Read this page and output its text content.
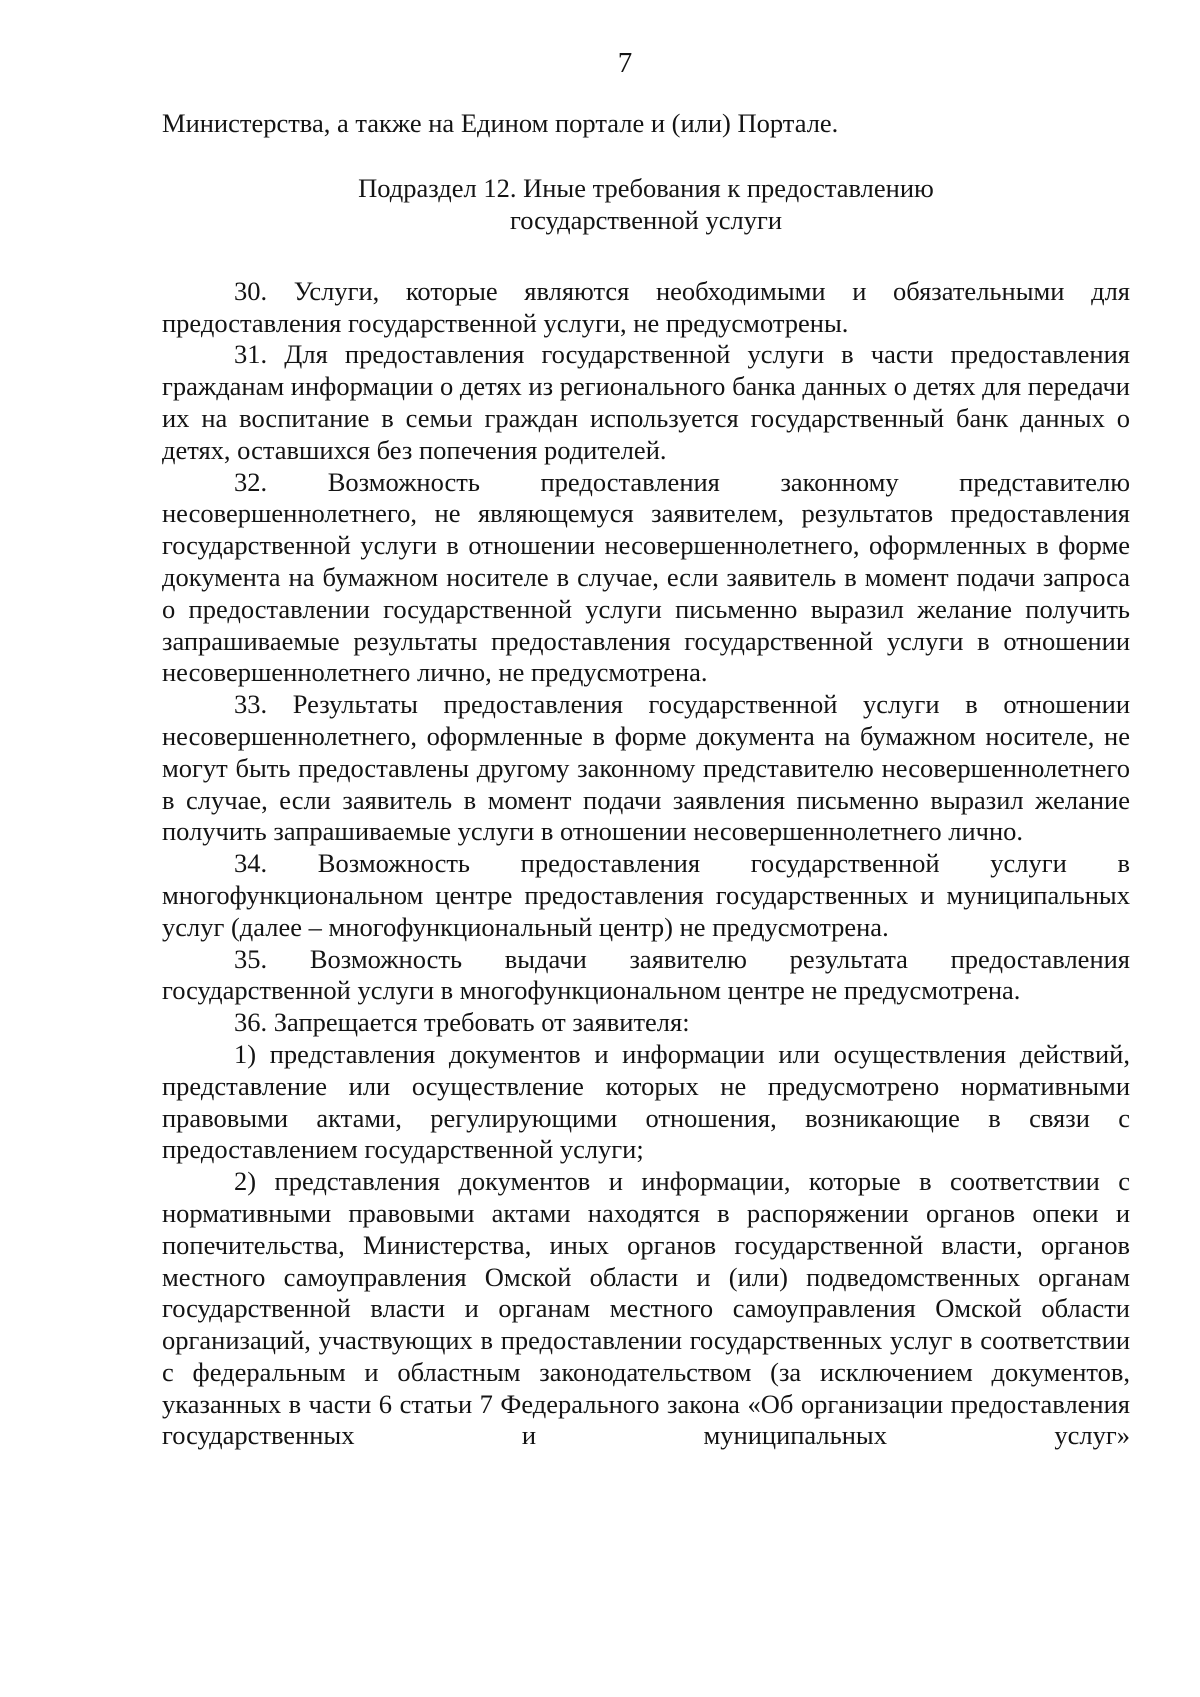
7

Министерства, а также на Едином портале и (или) Портале.

Подраздел 12. Иные требования к предоставлению
государственной услуги

30. Услуги, которые являются необходимыми и обязательными для предоставления государственной услуги, не предусмотрены.

31. Для предоставления государственной услуги в части предоставления гражданам информации о детях из регионального банка данных о детях для передачи их на воспитание в семьи граждан используется государственный банк данных о детях, оставшихся без попечения родителей.

32. Возможность предоставления законному представителю несовершеннолетнего, не являющемуся заявителем, результатов предоставления государственной услуги в отношении несовершеннолетнего, оформленных в форме документа на бумажном носителе в случае, если заявитель в момент подачи запроса о предоставлении государственной услуги письменно выразил желание получить запрашиваемые результаты предоставления государственной услуги в отношении несовершеннолетнего лично, не предусмотрена.

33. Результаты предоставления государственной услуги в отношении несовершеннолетнего, оформленные в форме документа на бумажном носителе, не могут быть предоставлены другому законному представителю несовершеннолетнего в случае, если заявитель в момент подачи заявления письменно выразил желание получить запрашиваемые услуги в отношении несовершеннолетнего лично.

34. Возможность предоставления государственной услуги в многофункциональном центре предоставления государственных и муниципальных услуг (далее – многофункциональный центр) не предусмотрена.

35. Возможность выдачи заявителю результата предоставления государственной услуги в многофункциональном центре не предусмотрена.

36. Запрещается требовать от заявителя:

1) представления документов и информации или осуществления действий, представление или осуществление которых не предусмотрено нормативными правовыми актами, регулирующими отношения, возникающие в связи с предоставлением государственной услуги;

2) представления документов и информации, которые в соответствии с нормативными правовыми актами находятся в распоряжении органов опеки и попечительства, Министерства, иных органов государственной власти, органов местного самоуправления Омской области и (или) подведомственных органам государственной власти и органам местного самоуправления Омской области организаций, участвующих в предоставлении государственных услуг в соответствии с федеральным и областным законодательством (за исключением документов, указанных в части 6 статьи 7 Федерального закона «Об организации предоставления государственных и муниципальных услуг»
